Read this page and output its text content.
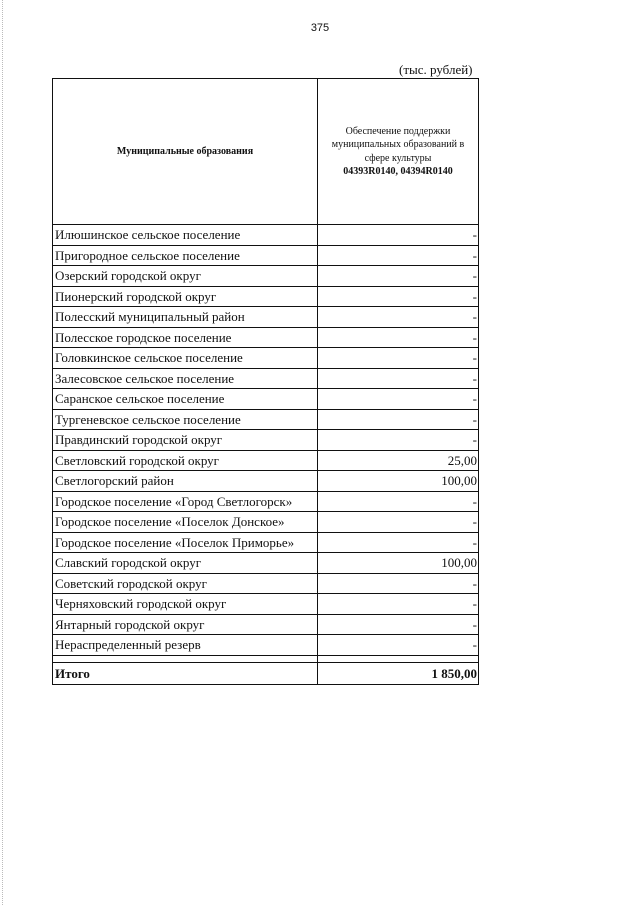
375
(тыс. рублей)
Муниципальные образования	Обеспечение поддержки
муниципальных образований в
сфере культуры
04393R0140, 04394R0140

Илюшинское сельское поселение	-
Пригородное сельское поселение	-
Озерский городской округ	-
Пионерский городской округ	-
Полесский муниципальный район	-
Полесское городское поселение	-
Головкинское сельское поселение	-
Залесовское сельское поселение	-
Саранское сельское поселение	-
Тургеневское сельское поселение	-
Правдинский городской округ	-
Светловский городской округ	25,00
Светлогорский район	100,00
Городское поселение «Город Светлогорск»	-
Городское поселение «Поселок Донское»	-
Городское поселение «Поселок Приморье»	-
Славский городской округ	100,00
Советский городской округ	-
Черняховский городской округ	-
Янтарный городской округ	-
Нераспределенный резерв	-

Итого	1 850,00
